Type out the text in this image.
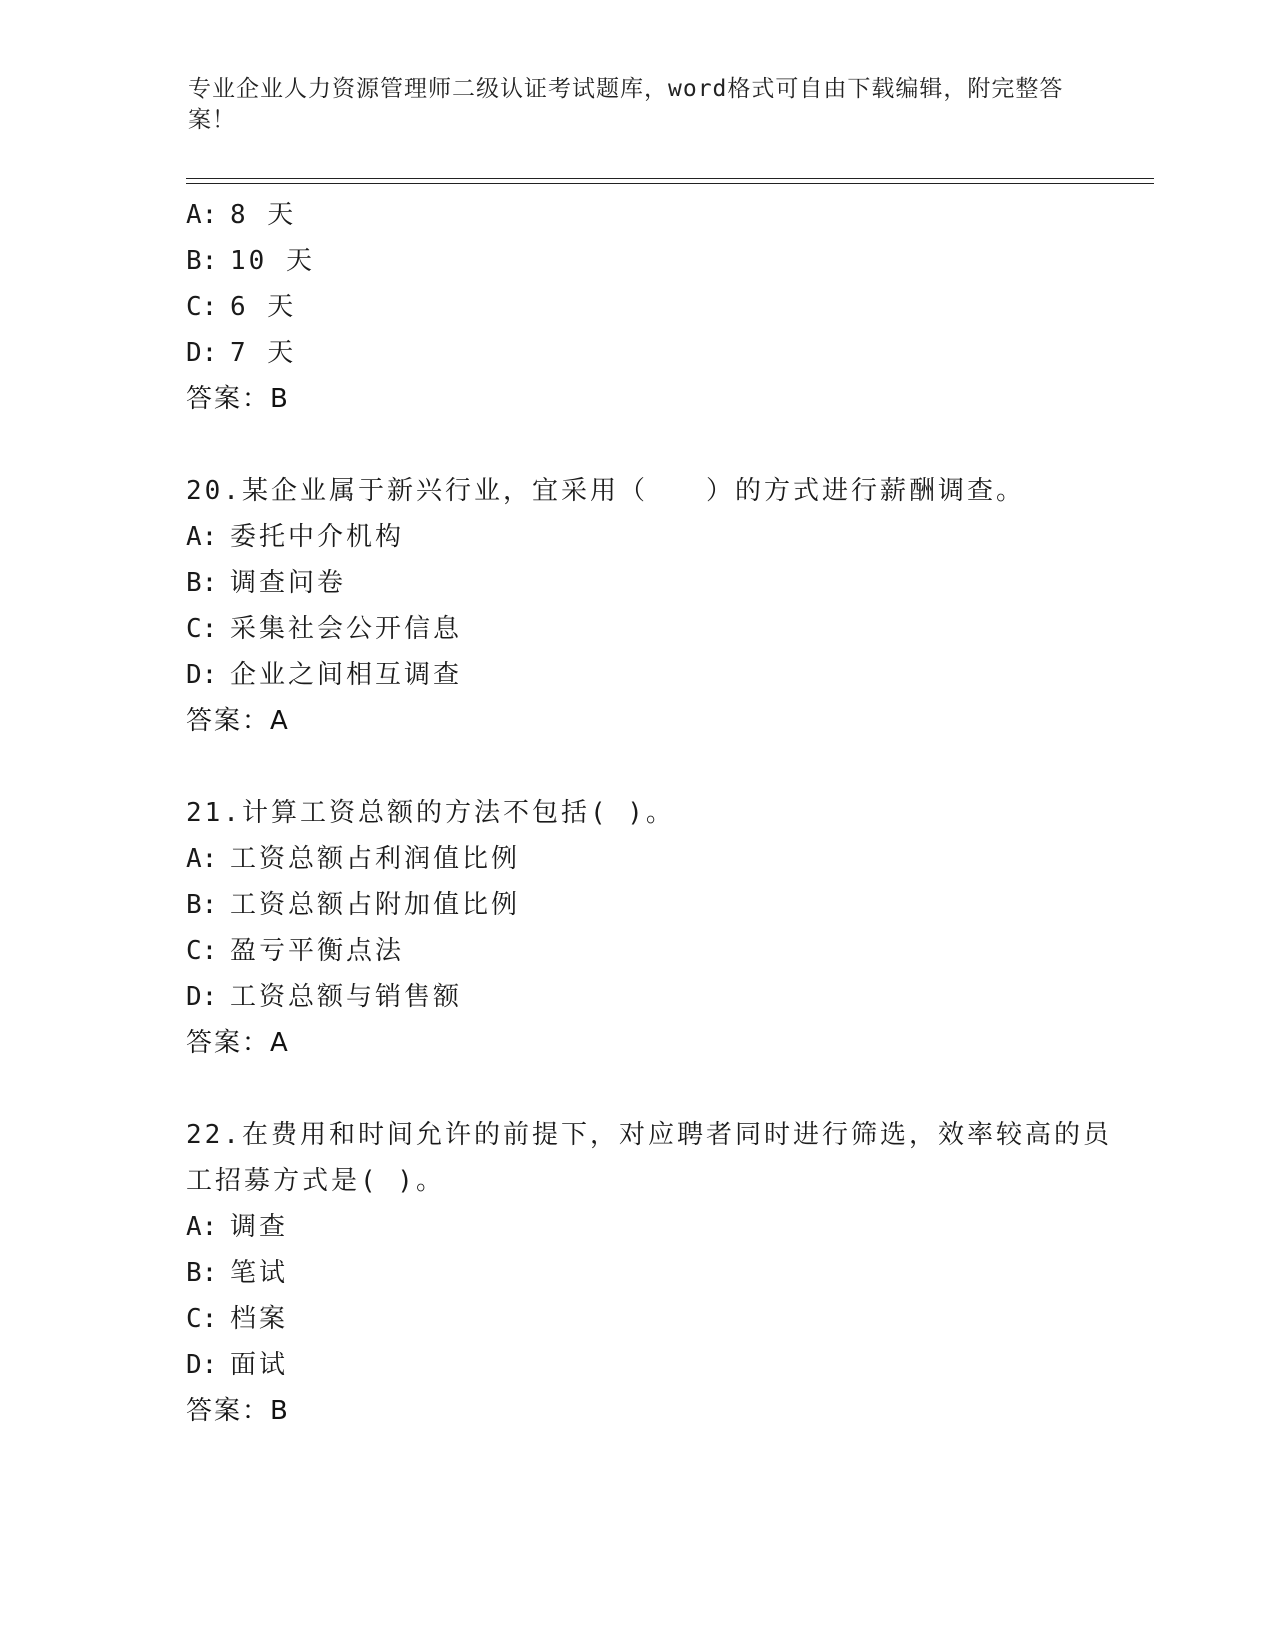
专业企业人力资源管理师二级认证考试题库，word格式可自由下载编辑，附完整答案！
A: 8 天
B: 10 天
C: 6 天
D: 7 天
答案：B
20.某企业属于新兴行业，宜采用（　　）的方式进行薪酬调查。
A: 委托中介机构
B: 调查问卷
C: 采集社会公开信息
D: 企业之间相互调查
答案：A
21.计算工资总额的方法不包括( )。
A: 工资总额占利润值比例
B: 工资总额占附加值比例
C: 盈亏平衡点法
D: 工资总额与销售额
答案：A
22.在费用和时间允许的前提下，对应聘者同时进行筛选，效率较高的员工招募方式是( )。
A: 调查
B: 笔试
C: 档案
D: 面试
答案：B
